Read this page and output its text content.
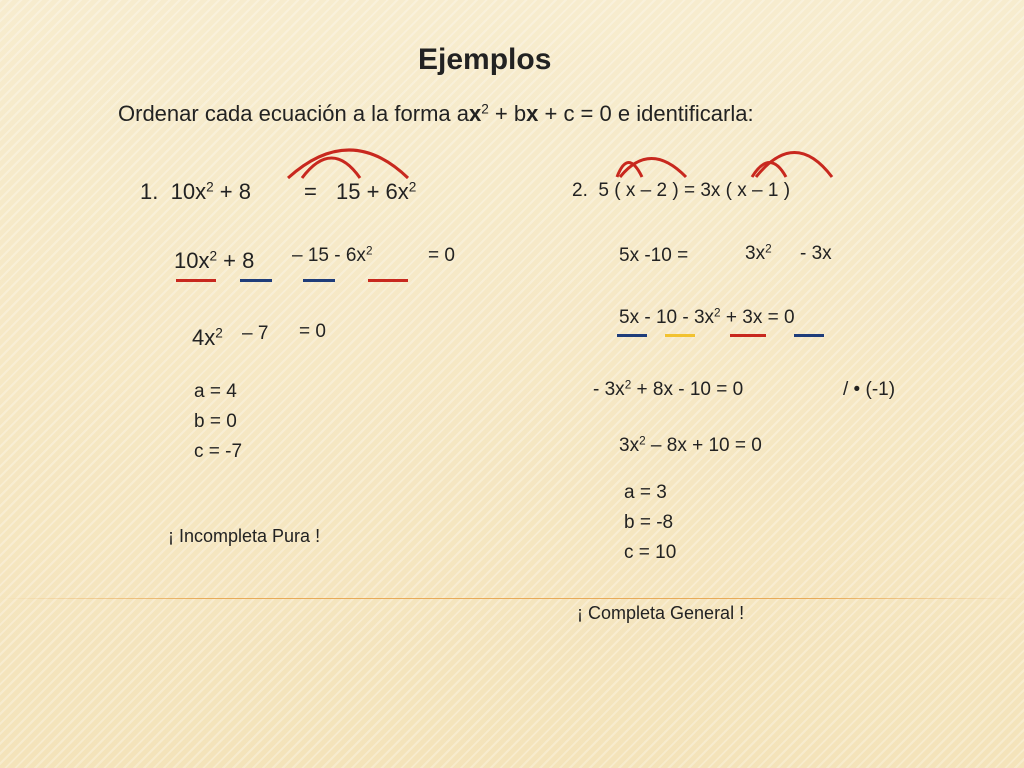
Ejemplos
Ordenar cada ecuación a la forma $ax^2$ + bx + c = 0 e identificarla:
1. $10x^2 + 8 = 15 + 6x^2$
$10x^2 + 8 - 15 - 6x^2$	= 0
$4x^2 - 7 = 0$
a = 4
b = 0
c = -7
¡ Incompleta Pura !
2. 5 ( x – 2 ) = 3x ( x – 1 )
5x -10 =	$3x^2 - 3x$
$5x - 10 - 3x^2 + 3x = 0$
- $3x^2 + 8x - 10 = 0$	/ • (-1)
$3x^2 - 8x + 10 = 0$
a = 3
b = -8
c = 10
¡ Completa General !
